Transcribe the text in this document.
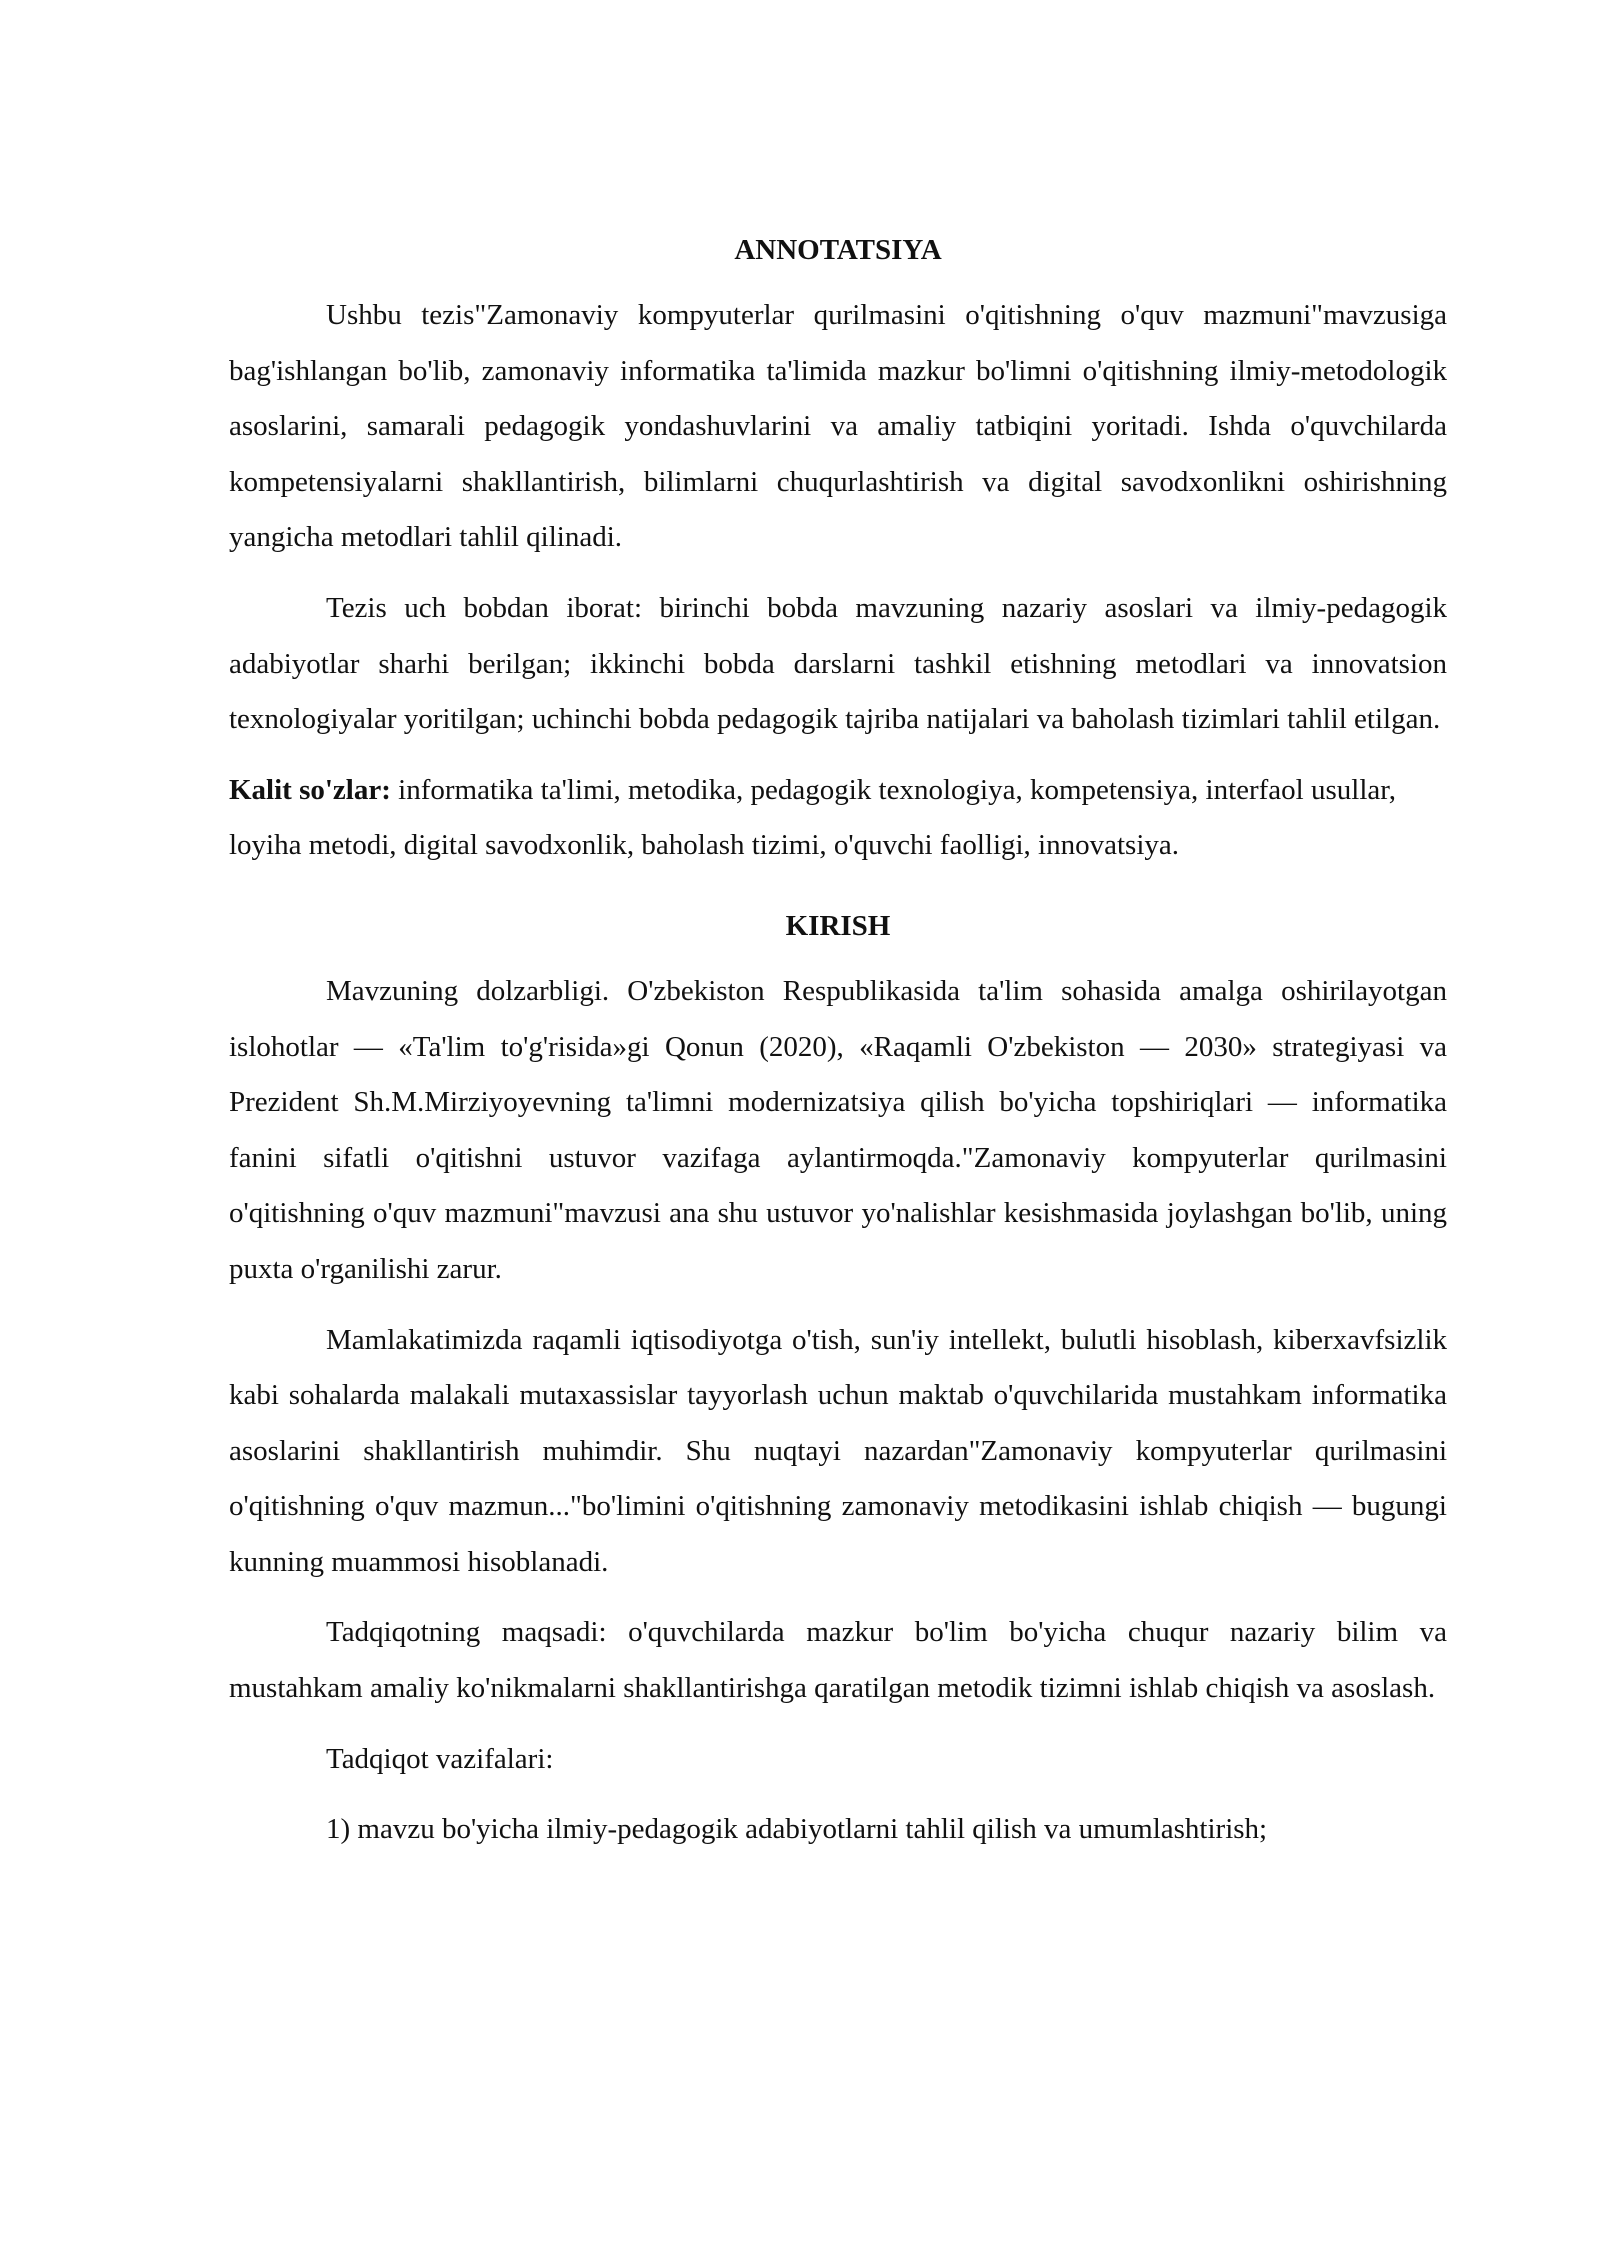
ANNOTATSIYA

Ushbu tezis"Zamonaviy kompyuterlar qurilmasini o'qitishning o'quv mazmuni"mavzusiga bag'ishlangan bo'lib, zamonaviy informatika ta'limida mazkur bo'limni o'qitishning ilmiy-metodologik asoslarini, samarali pedagogik yondashuvlarini va amaliy tatbiqini yoritadi. Ishda o'quvchilarda kompetensiyalarni shakllantirish, bilimlarni chuqurlashtirish va digital savodxonlikni oshirishning yangicha metodlari tahlil qilinadi.

Tezis uch bobdan iborat: birinchi bobda mavzuning nazariy asoslari va ilmiy-pedagogik adabiyotlar sharhi berilgan; ikkinchi bobda darslarni tashkil etishning metodlari va innovatsion texnologiyalar yoritilgan; uchinchi bobda pedagogik tajriba natijalari va baholash tizimlari tahlil etilgan.

Kalit so'zlar: informatika ta'limi, metodika, pedagogik texnologiya, kompetensiya, interfaol usullar, loyiha metodi, digital savodxonlik, baholash tizimi, o'quvchi faolligi, innovatsiya.

KIRISH

Mavzuning dolzarbligi. O'zbekiston Respublikasida ta'lim sohasida amalga oshirilayotgan islohotlar — «Ta'lim to'g'risida»gi Qonun (2020), «Raqamli O'zbekiston — 2030» strategiyasi va Prezident Sh.M.Mirziyoyevning ta'limni modernizatsiya qilish bo'yicha topshiriqlari — informatika fanini sifatli o'qitishni ustuvor vazifaga aylantirmoqda."Zamonaviy kompyuterlar qurilmasini o'qitishning o'quv mazmuni"mavzusi ana shu ustuvor yo'nalishlar kesishmasida joylashgan bo'lib, uning puxta o'rganilishi zarur.

Mamlakatimizda raqamli iqtisodiyotga o'tish, sun'iy intellekt, bulutli hisoblash, kiberxavfsizlik kabi sohalarda malakali mutaxassislar tayyorlash uchun maktab o'quvchilarida mustahkam informatika asoslarini shakllantirish muhimdir. Shu nuqtayi nazardan"Zamonaviy kompyuterlar qurilmasini o'qitishning o'quv mazmun..."bo'limini o'qitishning zamonaviy metodikasini ishlab chiqish — bugungi kunning muammosi hisoblanadi.

Tadqiqotning maqsadi: o'quvchilarda mazkur bo'lim bo'yicha chuqur nazariy bilim va mustahkam amaliy ko'nikmalarni shakllantirishga qaratilgan metodik tizimni ishlab chiqish va asoslash.

Tadqiqot vazifalari:

1) mavzu bo'yicha ilmiy-pedagogik adabiyotlarni tahlil qilish va umumlashtirish;
